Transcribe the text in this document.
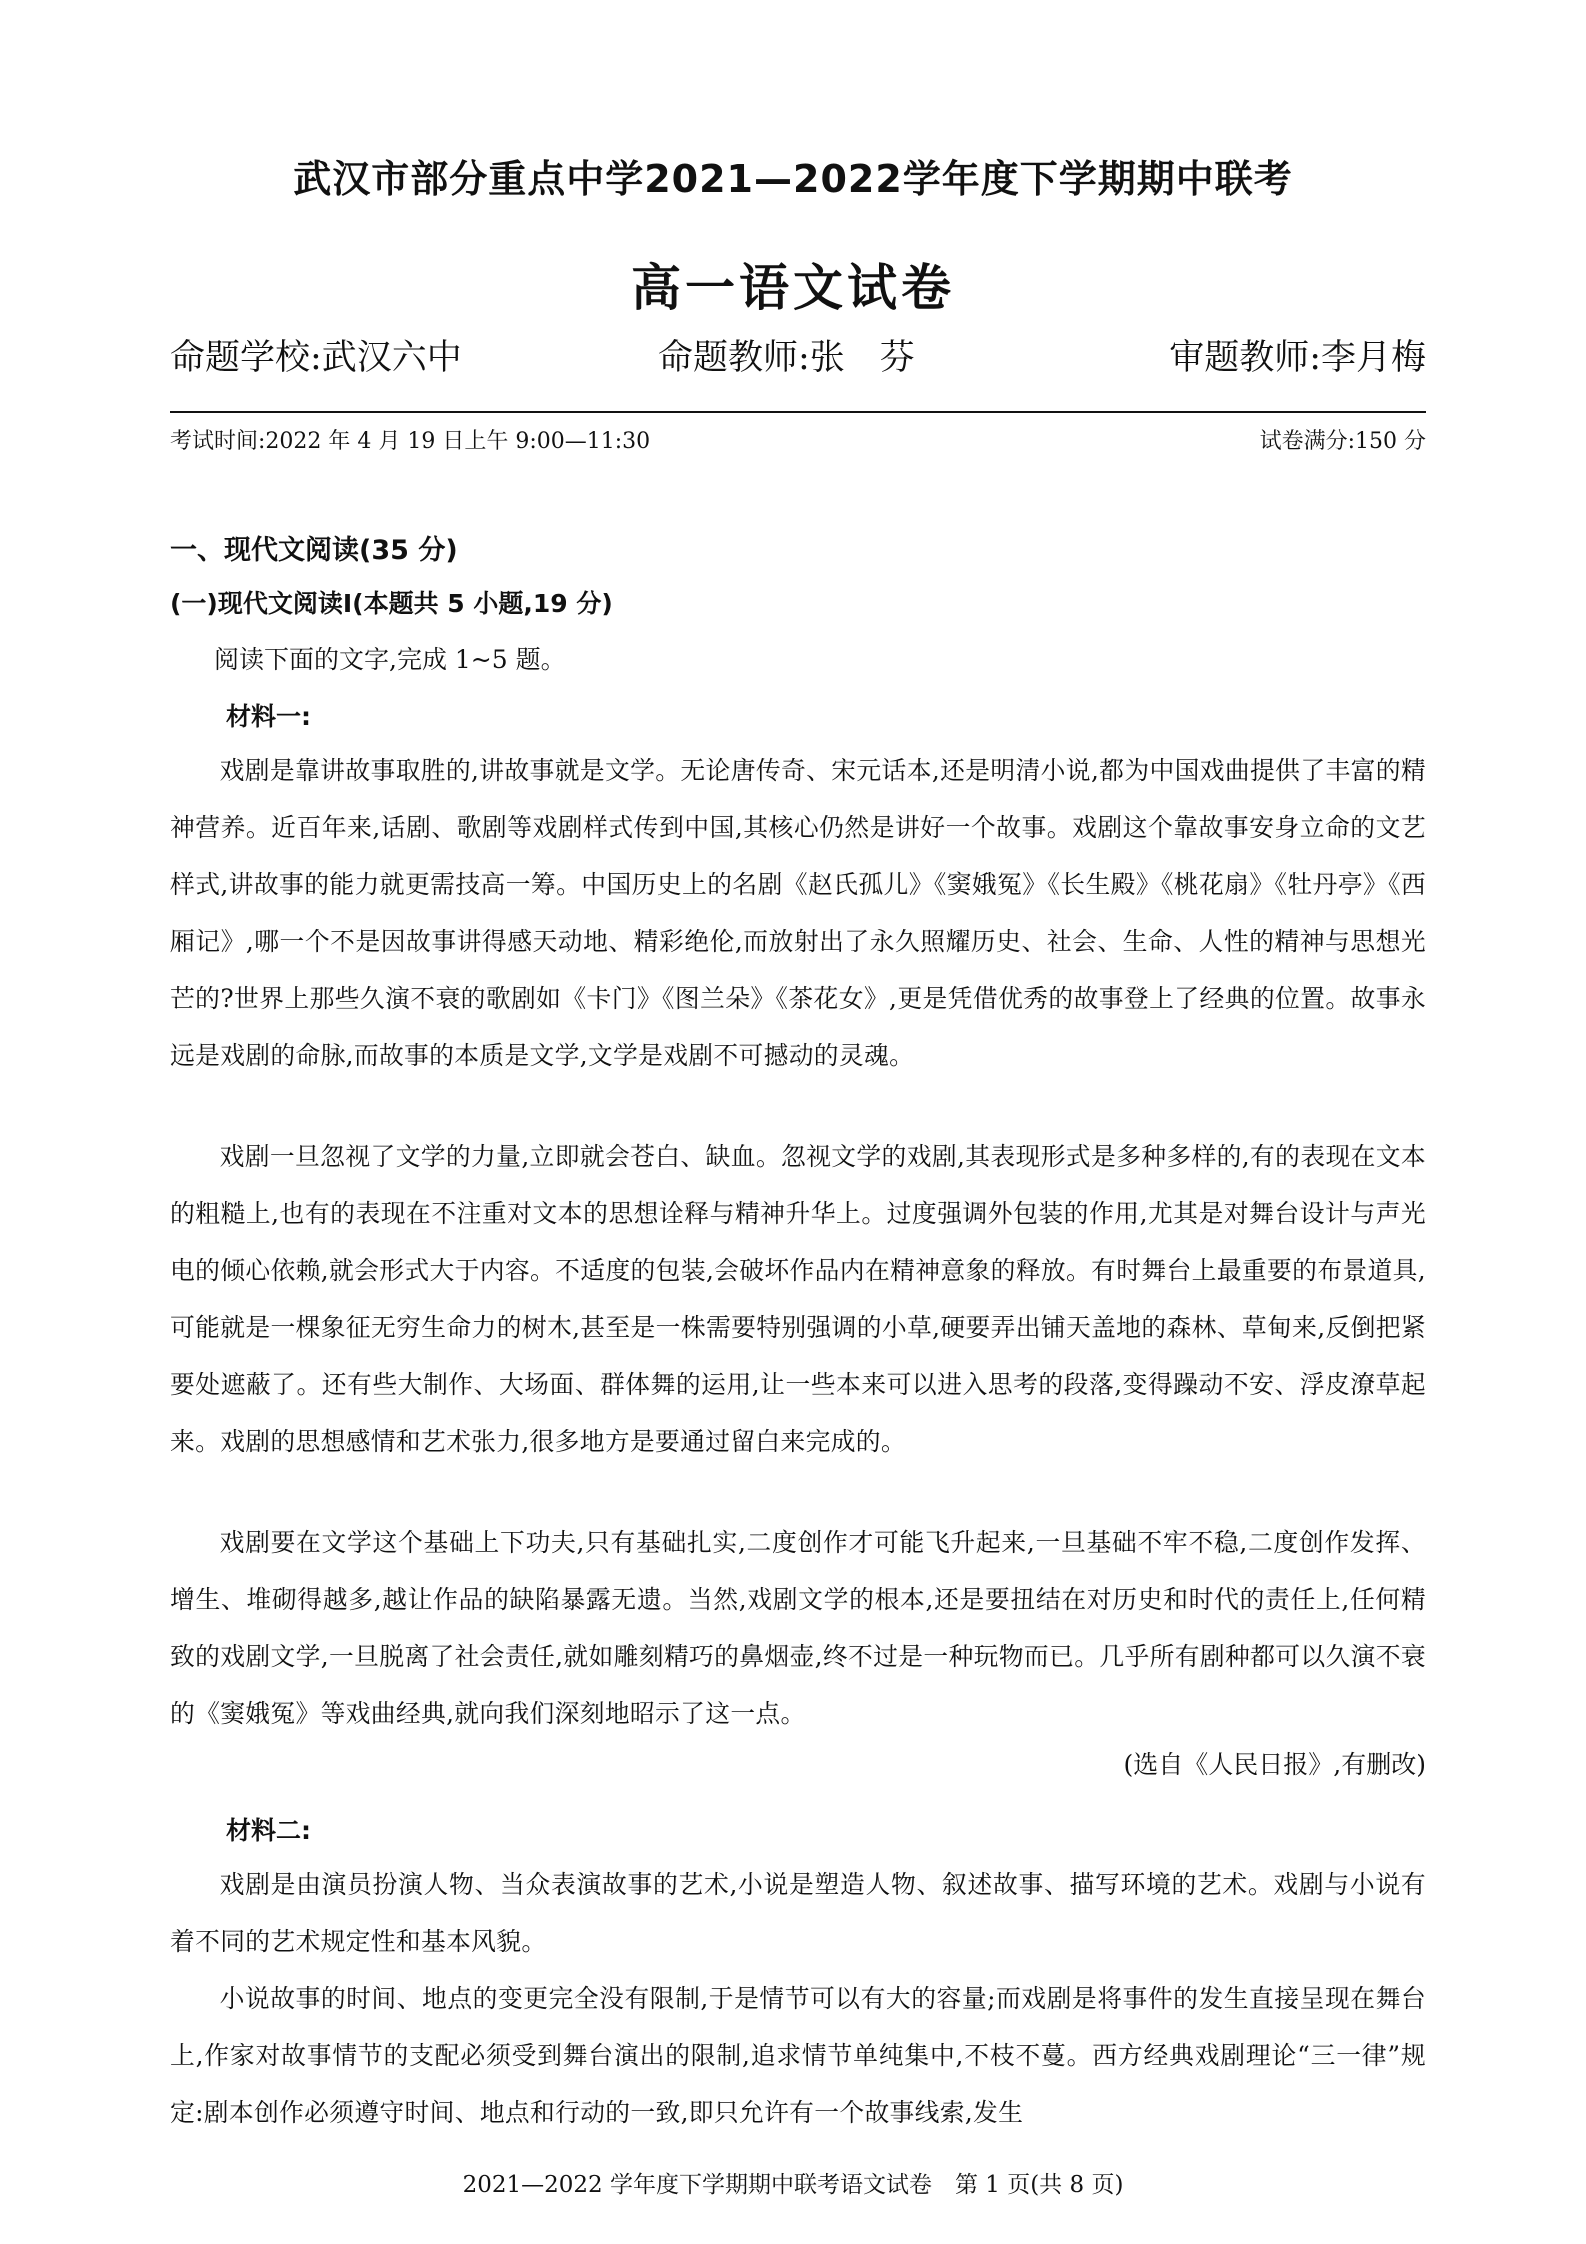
武汉市部分重点中学2021—2022学年度下学期期中联考
高一语文试卷
命题学校:武汉六中	命题教师:张　芬	审题教师:李月梅
考试时间:2022 年 4 月 19 日上午 9:00—11:30	试卷满分:150 分
一、现代文阅读(35 分)
(一)现代文阅读Ⅰ(本题共 5 小题,19 分)
阅读下面的文字,完成 1~5 题。
材料一:

戏剧是靠讲故事取胜的,讲故事就是文学。无论唐传奇、宋元话本,还是明清小说,都为中国戏曲提供了丰富的精神营养。近百年来,话剧、歌剧等戏剧样式传到中国,其核心仍然是讲好一个故事。戏剧这个靠故事安身立命的文艺样式,讲故事的能力就更需技高一筹。中国历史上的名剧《赵氏孤儿》《窦娥冤》《长生殿》《桃花扇》《牡丹亭》《西厢记》,哪一个不是因故事讲得感天动地、精彩绝伦,而放射出了永久照耀历史、社会、生命、人性的精神与思想光芒的?世界上那些久演不衰的歌剧如《卡门》《图兰朵》《茶花女》,更是凭借优秀的故事登上了经典的位置。故事永远是戏剧的命脉,而故事的本质是文学,文学是戏剧不可撼动的灵魂。

戏剧一旦忽视了文学的力量,立即就会苍白、缺血。忽视文学的戏剧,其表现形式是多种多样的,有的表现在文本的粗糙上,也有的表现在不注重对文本的思想诠释与精神升华上。过度强调外包装的作用,尤其是对舞台设计与声光电的倾心依赖,就会形式大于内容。不适度的包装,会破坏作品内在精神意象的释放。有时舞台上最重要的布景道具,可能就是一棵象征无穷生命力的树木,甚至是一株需要特别强调的小草,硬要弄出铺天盖地的森林、草甸来,反倒把紧要处遮蔽了。还有些大制作、大场面、群体舞的运用,让一些本来可以进入思考的段落,变得躁动不安、浮皮潦草起来。戏剧的思想感情和艺术张力,很多地方是要通过留白来完成的。

戏剧要在文学这个基础上下功夫,只有基础扎实,二度创作才可能飞升起来,一旦基础不牢不稳,二度创作发挥、增生、堆砌得越多,越让作品的缺陷暴露无遗。当然,戏剧文学的根本,还是要扭结在对历史和时代的责任上,任何精致的戏剧文学,一旦脱离了社会责任,就如雕刻精巧的鼻烟壶,终不过是一种玩物而已。几乎所有剧种都可以久演不衰的《窦娥冤》等戏曲经典,就向我们深刻地昭示了这一点。

(选自《人民日报》,有删改)
材料二:

戏剧是由演员扮演人物、当众表演故事的艺术,小说是塑造人物、叙述故事、描写环境的艺术。戏剧与小说有着不同的艺术规定性和基本风貌。

小说故事的时间、地点的变更完全没有限制,于是情节可以有大的容量;而戏剧是将事件的发生直接呈现在舞台上,作家对故事情节的支配必须受到舞台演出的限制,追求情节单纯集中,不枝不蔓。西方经典戏剧理论“三一律”规定:剧本创作必须遵守时间、地点和行动的一致,即只允许有一个故事线索,发生

2021—2022 学年度下学期期中联考语文试卷　第 1 页(共 8 页)
